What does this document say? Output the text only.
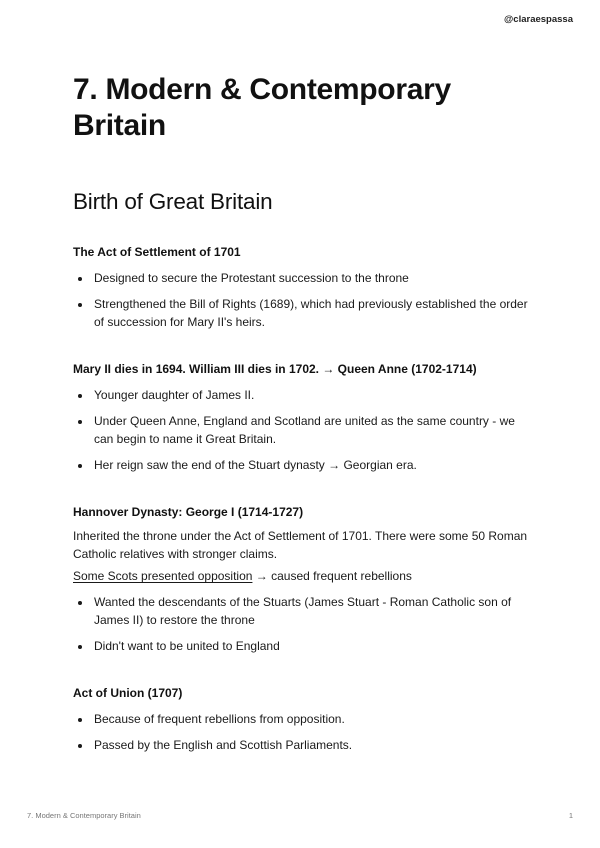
@claraespassa
7. Modern & Contemporary Britain
Birth of Great Britain
The Act of Settlement of 1701
Designed to secure the Protestant succession to the throne
Strengthened the Bill of Rights (1689), which had previously established the order of succession for Mary II's heirs.
Mary II dies in 1694. William III dies in 1702. → Queen Anne (1702-1714)
Younger daughter of James II.
Under Queen Anne, England and Scotland are united as the same country - we can begin to name it Great Britain.
Her reign saw the end of the Stuart dynasty → Georgian era.
Hannover Dynasty: George I (1714-1727)

Inherited the throne under the Act of Settlement of 1701. There were some 50 Roman Catholic relatives with stronger claims.

Some Scots presented opposition → caused frequent rebellions

Wanted the descendants of the Stuarts (James Stuart - Roman Catholic son of James II) to restore the throne
Didn't want to be united to England
Act of Union (1707)
Because of frequent rebellions from opposition.
Passed by the English and Scottish Parliaments.
7. Modern & Contemporary Britain	1
